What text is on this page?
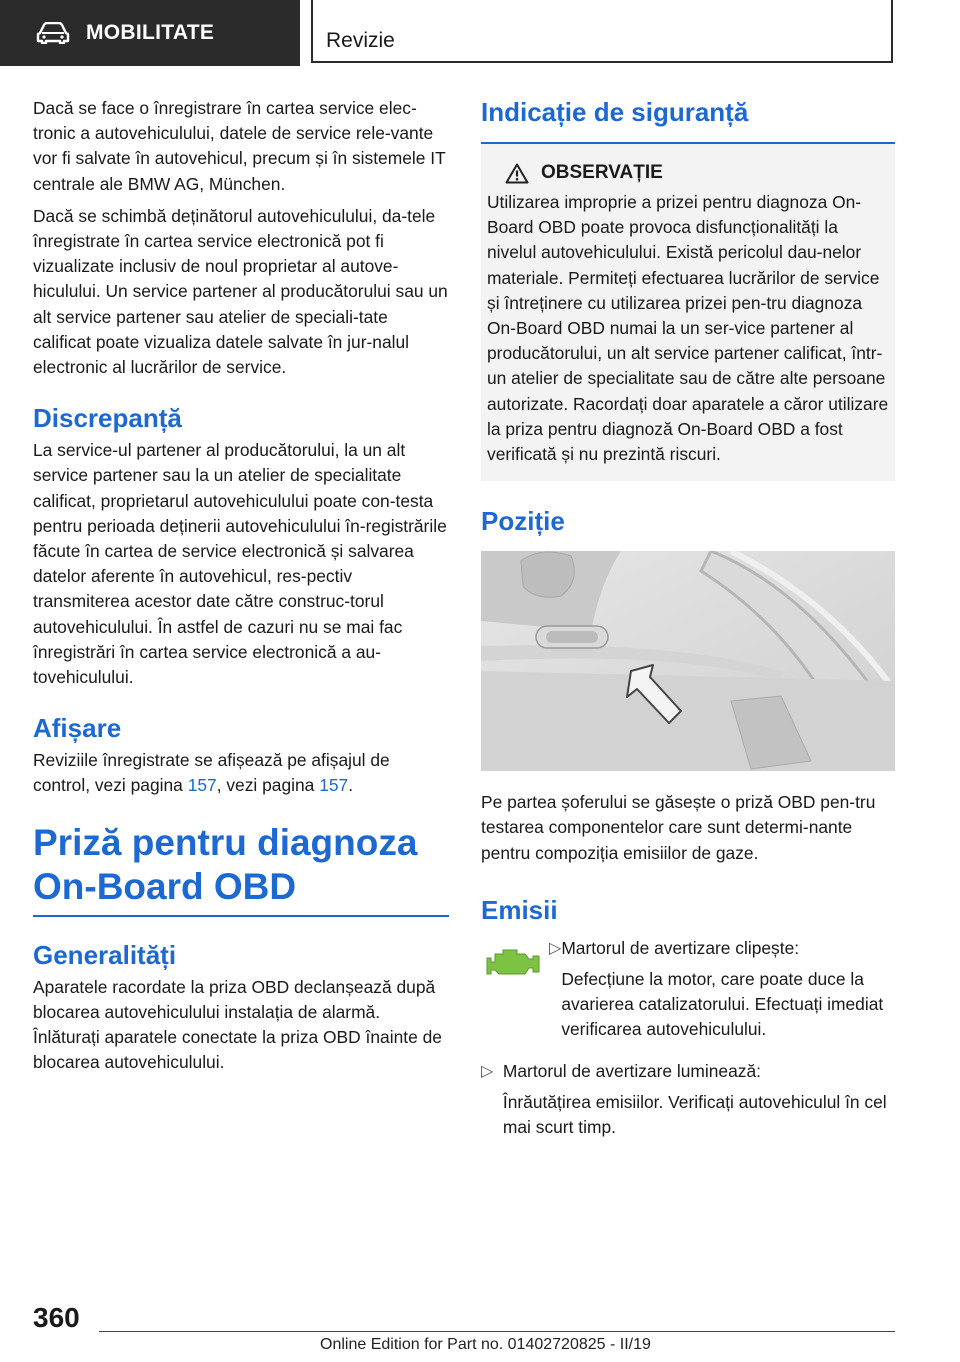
MOBILITATE	Revizie

Dacă se face o înregistrare în cartea service elec-tronic a autovehiculului, datele de service rele-vante vor fi salvate în autovehicul, precum și în sistemele IT centrale ale BMW AG, München.

Dacă se schimbă deținătorul autovehiculului, da-tele înregistrate în cartea service electronică pot fi vizualizate inclusiv de noul proprietar al autove-hiculului. Un service partener al producătorului sau un alt service partener sau atelier de speciali-tate calificat poate vizualiza datele salvate în jur-nalul electronic al lucrărilor de service.

Discrepanță

La service-ul partener al producătorului, la un alt service partener sau la un atelier de specialitate calificat, proprietarul autovehiculului poate con-testa pentru perioada deținerii autovehiculului în-registrările făcute în cartea de service electronică și salvarea datelor aferente în autovehicul, res-pectiv transmiterea acestor date către construc-torul autovehiculului. În astfel de cazuri nu se mai fac înregistrări în cartea service electronică a au-tovehiculului.

Afișare

Reviziile înregistrate se afișează pe afișajul de control, vezi pagina 157, vezi pagina 157.

Priză pentru diagnoza On-Board OBD
Generalități

Aparatele racordate la priza OBD declanșează după blocarea autovehiculului instalația de alarmă. Înlăturați aparatele conectate la priza OBD înainte de blocarea autovehiculului.

Indicație de siguranță
OBSERVAȚIE

Utilizarea improprie a prizei pentru diagnoza On-Board OBD poate provoca disfuncționalități la nivelul autovehiculului. Există pericolul dau-nelor materiale. Permiteți efectuarea lucrărilor de service și întreținere cu utilizarea prizei pen-tru diagnoza On-Board OBD numai la un ser-vice partener al producătorului, un alt service partener calificat, într-un atelier de specialitate sau de către alte persoane autorizate. Racordați doar aparatele a căror utilizare la priza pentru diagnoză On-Board OBD a fost verificată și nu prezintă riscuri.

Poziție

Pe partea șoferului se găsește o priză OBD pen-tru testarea componentelor care sunt determi-nante pentru compoziția emisiilor de gaze.

Emisii
▷ Martorul de avertizare clipește:

Defecțiune la motor, care poate duce la avarierea catalizatorului. Efectuați imediat verificarea autovehiculului.

▷ Martorul de avertizare luminează:

Înrăutățirea emisiilor. Verificați autovehiculul în cel mai scurt timp.

360
Online Edition for Part no. 01402720825 - II/19
